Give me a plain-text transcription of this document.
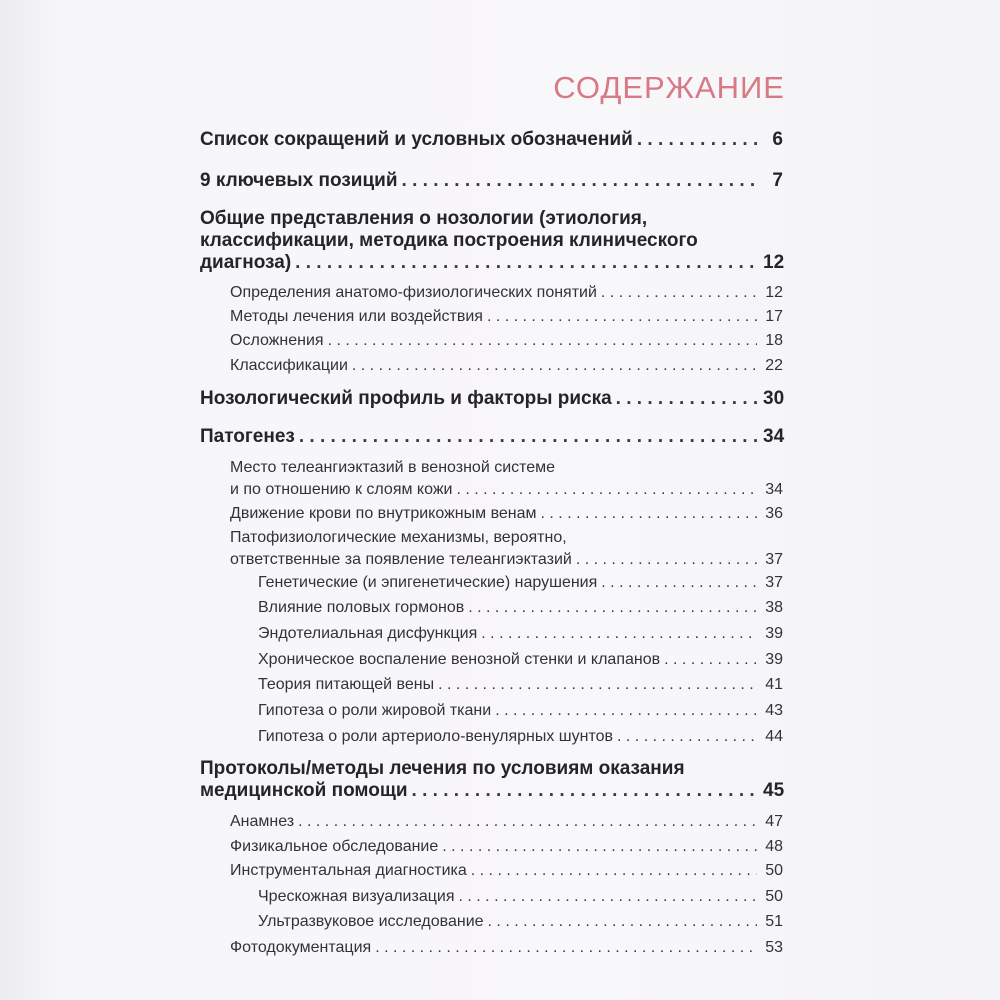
СОДЕРЖАНИЕ
Список сокращений и условных обозначений . . .	6
9 ключевых позиций . . .	7
Общие представления о нозологии (этиология,
классификации, методика построения клинического
диагноза) . . .	12
Определения анатомо-физиологических понятий . . .	12
Методы лечения или воздействия . . .	17
Осложнения . . .	18
Классификации . . .	22
Нозологический профиль и факторы риска . . .	30
Патогенез . . .	34
Место телеангиэктазий в венозной системе
и по отношению к слоям кожи . . .	34
Движение крови по внутрикожным венам . . .	36
Патофизиологические механизмы, вероятно,
ответственные за появление телеангиэктазий . . .	37
Генетические (и эпигенетические) нарушения . . .	37
Влияние половых гормонов . . .	38
Эндотелиальная дисфункция . . .	39
Хроническое воспаление венозной стенки и клапанов . . .	39
Теория питающей вены . . .	41
Гипотеза о роли жировой ткани . . .	43
Гипотеза о роли артериоло-венулярных шунтов . . .	44
Протоколы/методы лечения по условиям оказания
медицинской помощи . . .	45
Анамнез . . .	47
Физикальное обследование . . .	48
Инструментальная диагностика . . .	50
Чрескожная визуализация . . .	50
Ультразвуковое исследование . . .	51
Фотодокументация . . .	53
